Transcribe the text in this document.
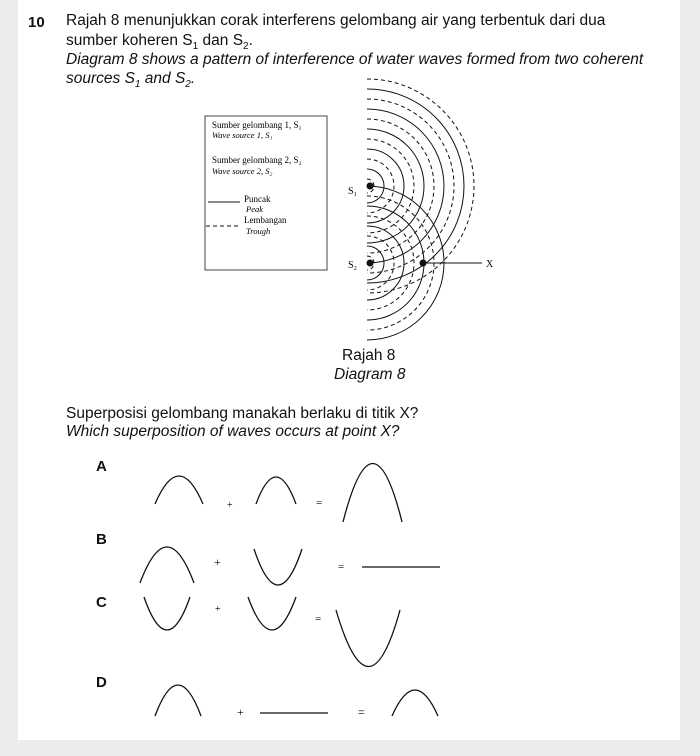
10 Rajah 8 menunjukkan corak interferens gelombang air yang terbentuk dari dua
sumber koheren $S_1$ dan $S_2$.
Diagram 8 shows a pattern of interference of water waves formed from two coherent
sources $S_1$ and $S_2$.
Sumber gelombang 1, S₁
Wave source 1, S₁
Sumber gelombang 2, S₂
Wave source 2, S₂
Puncak
Peak
Lembangan
Trough
S₁
S₂	X
Rajah 8
Diagram 8
Superposisi gelombang manakah berlaku di titik X?
Which superposition of waves occurs at point X?
A
B
C
D
+	=
+	=
+
=
+	=
